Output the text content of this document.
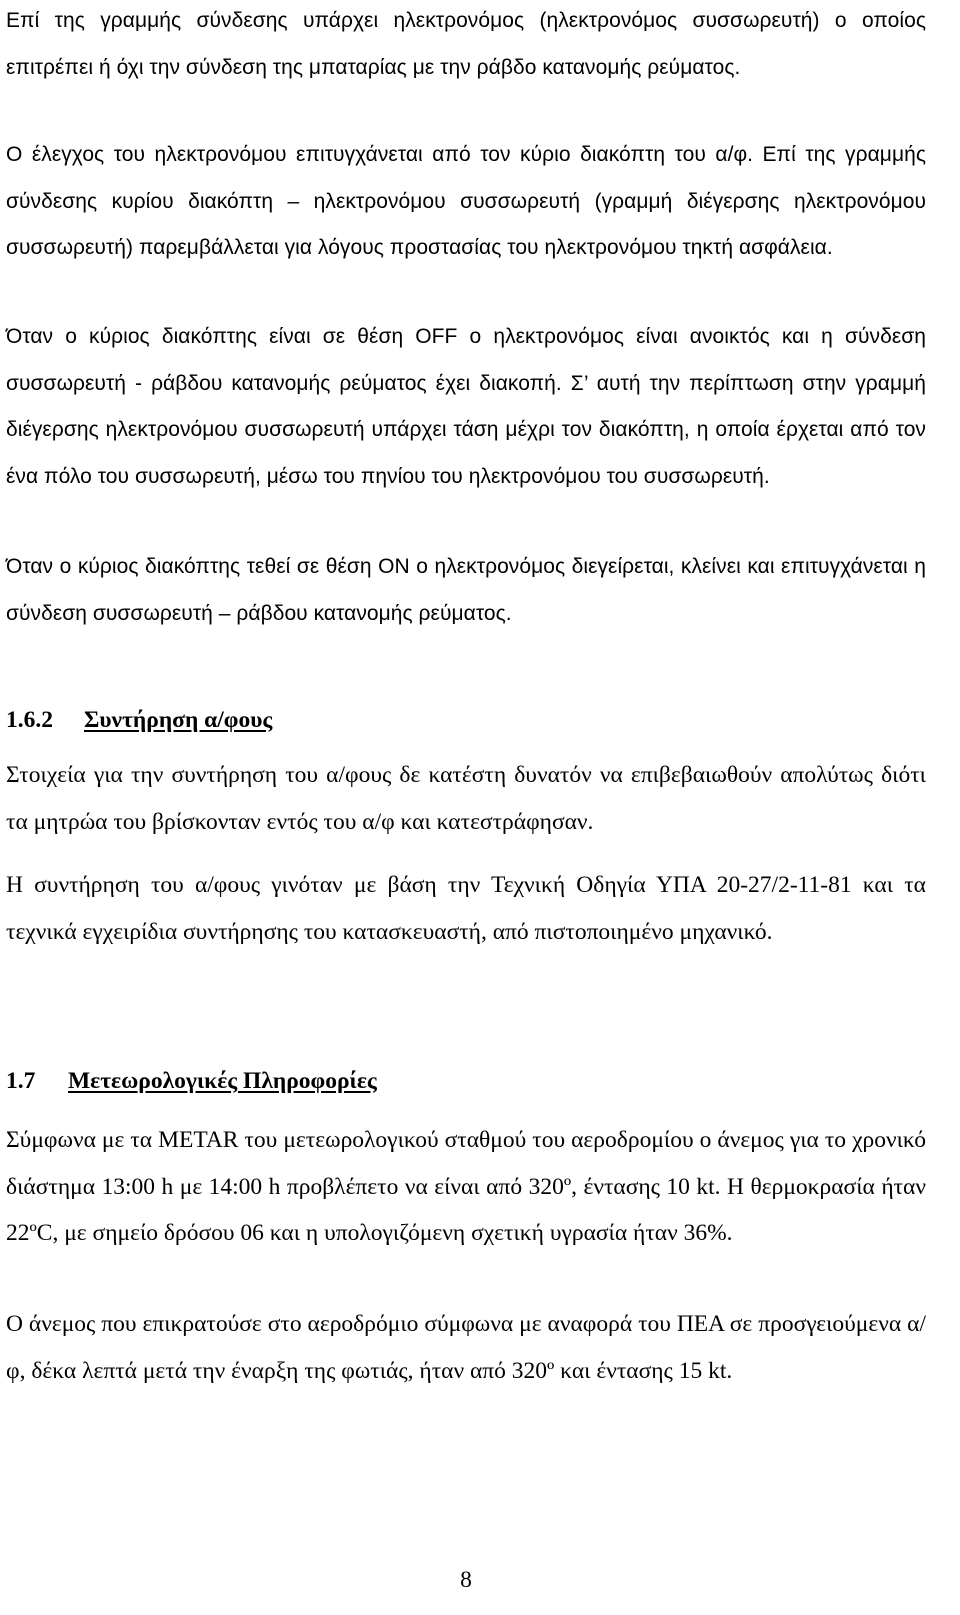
Επί της γραμμής σύνδεσης υπάρχει ηλεκτρονόμος (ηλεκτρονόμος συσσωρευτή) ο οποίος επιτρέπει ή όχι την σύνδεση της μπαταρίας με την ράβδο κατανομής ρεύματος.

Ο έλεγχος του ηλεκτρονόμου επιτυγχάνεται από τον κύριο διακόπτη του α/φ. Επί της γραμμής σύνδεσης κυρίου διακόπτη – ηλεκτρονόμου συσσωρευτή (γραμμή διέγερσης ηλεκτρονόμου συσσωρευτή) παρεμβάλλεται για λόγους προστασίας του ηλεκτρονόμου τηκτή ασφάλεια.

Όταν ο κύριος διακόπτης είναι σε θέση OFF ο ηλεκτρονόμος είναι ανοικτός και η σύνδεση συσσωρευτή - ράβδου κατανομής ρεύματος έχει διακοπή. Σ’ αυτή την περίπτωση στην γραμμή διέγερσης ηλεκτρονόμου συσσωρευτή υπάρχει τάση μέχρι τον διακόπτη, η οποία έρχεται από τον ένα πόλο του συσσωρευτή, μέσω του πηνίου του ηλεκτρονόμου του συσσωρευτή.

Όταν ο κύριος διακόπτης τεθεί σε θέση ON ο ηλεκτρονόμος διεγείρεται, κλείνει και επιτυγχάνεται η σύνδεση συσσωρευτή – ράβδου κατανομής ρεύματος.

1.6.2 Συντήρηση α/φους

Στοιχεία για την συντήρηση του α/φους δε κατέστη δυνατόν να επιβεβαιωθούν απολύτως διότι τα μητρώα του βρίσκονταν εντός του α/φ και κατεστράφησαν.

Η συντήρηση του α/φους γινόταν με βάση την Τεχνική Οδηγία ΥΠΑ 20-27/2-11-81 και τα τεχνικά εγχειρίδια συντήρησης του κατασκευαστή, από πιστοποιημένο μηχανικό.

1.7 Μετεωρολογικές Πληροφορίες

Σύμφωνα με τα METAR του μετεωρολογικού σταθμού του αεροδρομίου ο άνεμος για το χρονικό διάστημα 13:00 h με 14:00 h προβλέπετο να είναι από 320º, έντασης 10 kt. Η θερμοκρασία ήταν 22ºC, με σημείο δρόσου 06 και η υπολογιζόμενη σχετική υγρασία ήταν 36%.

Ο άνεμος που επικρατούσε στο αεροδρόμιο σύμφωνα με αναφορά του ΠΕΑ σε προσγειούμενα α/φ, δέκα λεπτά μετά την έναρξη της φωτιάς, ήταν από 320º και έντασης 15 kt.

8
